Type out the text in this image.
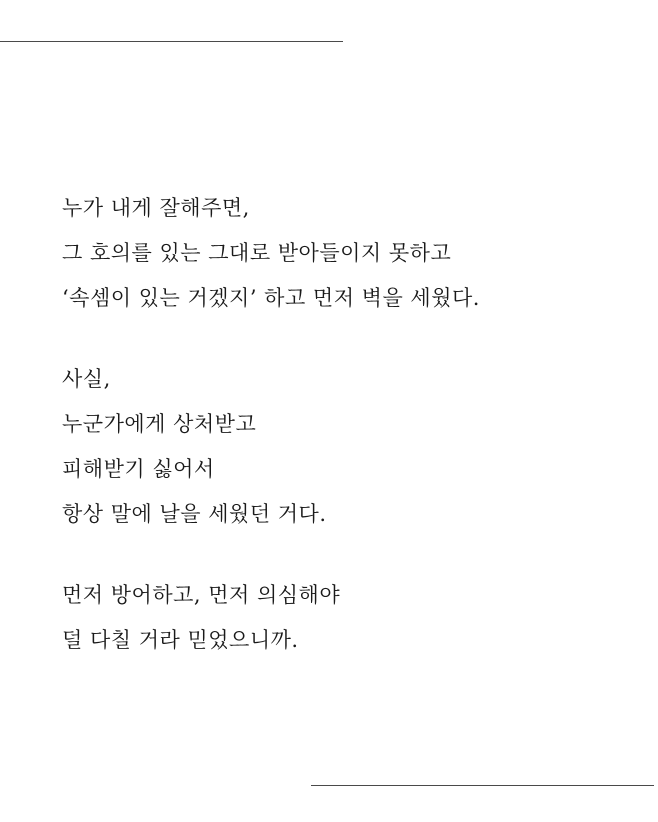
누가 내게 잘해주면,
그 호의를 있는 그대로 받아들이지 못하고
‘속셈이 있는 거겠지’ 하고 먼저 벽을 세웠다.
사실,
누군가에게 상처받고
피해받기 싫어서
항상 말에 날을 세웠던 거다.
먼저 방어하고, 먼저 의심해야
덜 다칠 거라 믿었으니까.
